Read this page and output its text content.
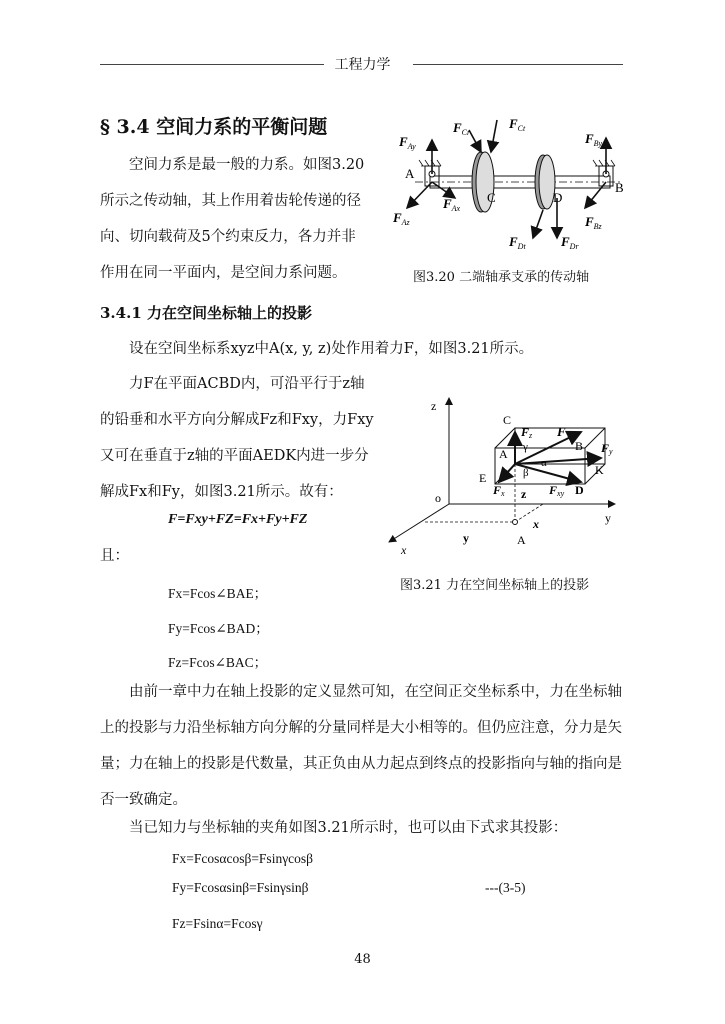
工程力学
§ 3.4 空间力系的平衡问题
空间力系是最一般的力系。如图3.20
所示之传动轴，其上作用着齿轮传递的径
向、切向载荷及5个约束反力，各力并非
作用在同一平面内，是空间力系问题。
$F_{Cr}$
$F_{Ct}$
$F_{Ay}$
$F_{By}$
A
B
C	D
$F_{Ax}$
$F_{Az}$	$F_{Bz}$
$F_{Dt}$	$F_{Dr}$
图3.20 二端轴承支承的传动轴
3.4.1 力在空间坐标轴上的投影
设在空间坐标系xyz中A(x, y, z)处作用着力F，如图3.21所示。
力F在平面ACBD内，可沿平行于z轴
的铅垂和水平方向分解成Fz和Fxy，力Fxy
又可在垂直于z轴的平面AEDK内进一步分
解成Fx和Fy，如图3.21所示。故有：
F=Fxy+FZ=Fx+Fy+FZ
且：
Fx=Fcos∠BAE；
Fy=Fcos∠BAD；
Fz=Fcos∠BAC；
z
y
x
o
C
B
A
E
K
D
F
Fz
Fy
Fx	Fxy
γ
α
β
z
x
y	A
图3.21 力在空间坐标轴上的投影
由前一章中力在轴上投影的定义显然可知，在空间正交坐标系中，力在坐标轴
上的投影与力沿坐标轴方向分解的分量同样是大小相等的。但仍应注意，分力是矢
量；力在轴上的投影是代数量，其正负由从力起点到终点的投影指向与轴的指向是
否一致确定。
当已知力与坐标轴的夹角如图3.21所示时，也可以由下式求其投影：
Fx=Fcosαcosβ=Fsinγcosβ
Fy=Fcosαsinβ=Fsinγsinβ	---(3-5)
Fz=Fsinα=Fcosγ
48
